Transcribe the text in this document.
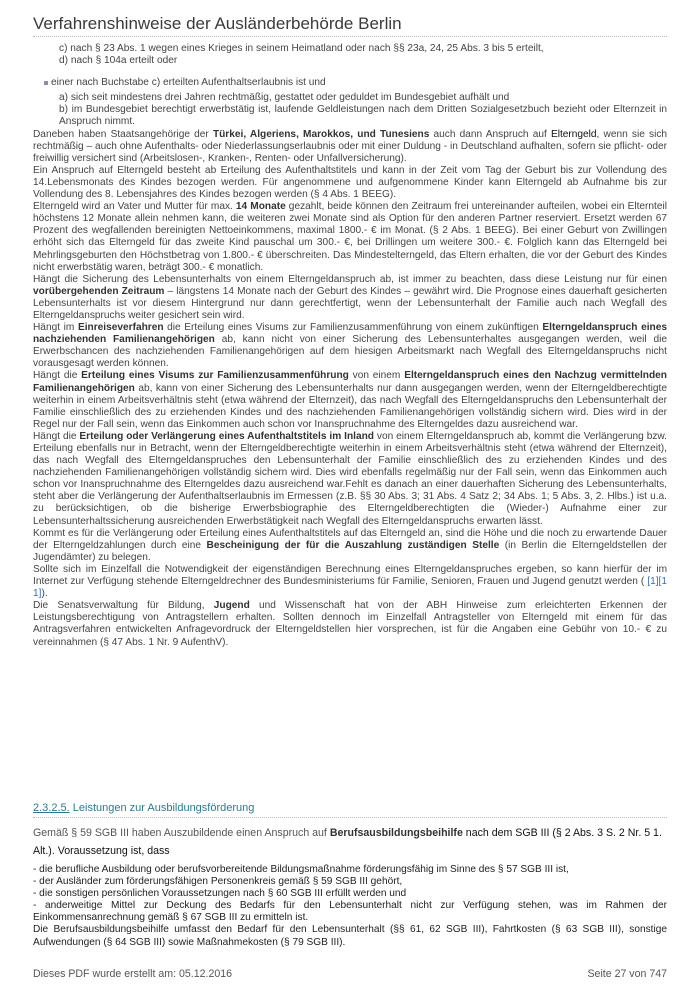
Verfahrenshinweise der Ausländerbehörde Berlin

c) nach § 23 Abs. 1 wegen eines Krieges in seinem Heimatland oder nach §§ 23a, 24, 25 Abs. 3 bis 5 erteilt,

d) nach § 104a erteilt oder

einer nach Buchstabe c) erteilten Aufenthaltserlaubnis ist und

a) sich seit mindestens drei Jahren rechtmäßig, gestattet oder geduldet im Bundesgebiet aufhält und

b) im Bundesgebiet berechtigt erwerbstätig ist, laufende Geldleistungen nach dem Dritten Sozialgesetzbuch bezieht oder Elternzeit in Anspruch nimmt.

Daneben haben Staatsangehörige der Türkei, Algeriens, Marokkos, und Tunesiens auch dann Anspruch auf Elterngeld, wenn sie sich rechtmäßig – auch ohne Aufenthalts- oder Niederlassungserlaubnis oder mit einer Duldung - in Deutschland aufhalten, sofern sie pflicht- oder freiwillig versichert sind (Arbeitslosen-, Kranken-, Renten- oder Unfallversicherung).

Ein Anspruch auf Elterngeld besteht ab Erteilung des Aufenthaltstitels und kann in der Zeit vom Tag der Geburt bis zur Vollendung des 14.Lebensmonats des Kindes bezogen werden. Für angenommene und aufgenommene Kinder kann Elterngeld ab Aufnahme bis zur Vollendung des 8. Lebensjahres des Kindes bezogen werden (§ 4 Abs. 1 BEEG).

Elterngeld wird an Vater und Mutter für max. 14 Monate gezahlt, beide können den Zeitraum frei untereinander aufteilen, wobei ein Elternteil höchstens 12 Monate allein nehmen kann, die weiteren zwei Monate sind als Option für den anderen Partner reserviert. Ersetzt werden 67 Prozent des wegfallenden bereinigten Nettoeinkommens, maximal 1800.- € im Monat. (§ 2 Abs. 1 BEEG). Bei einer Geburt von Zwillingen erhöht sich das Elterngeld für das zweite Kind pauschal um 300.- €, bei Drillingen um weitere 300.- €. Folglich kann das Elterngeld bei Mehrlingsgeburten den Höchstbetrag von 1.800.- € überschreiten. Das Mindestelterngeld, das Eltern erhalten, die vor der Geburt des Kindes nicht erwerbstätig waren, beträgt 300.- € monatlich.

Hängt die Sicherung des Lebensunterhalts von einem Elterngeldanspruch ab, ist immer zu beachten, dass diese Leistung nur für einen vorübergehenden Zeitraum – längstens 14 Monate nach der Geburt des Kindes – gewährt wird. Die Prognose eines dauerhaft gesicherten Lebensunterhalts ist vor diesem Hintergrund nur dann gerechtfertigt, wenn der Lebensunterhalt der Familie auch nach Wegfall des Elterngeldanspruchs weiter gesichert sein wird.

Hängt im Einreiseverfahren die Erteilung eines Visums zur Familienzusammenführung von einem zukünftigen Elterngeldanspruch eines nachziehenden Familienangehörigen ab, kann nicht von einer Sicherung des Lebensunterhaltes ausgegangen werden, weil die Erwerbschancen des nachziehenden Familienangehörigen auf dem hiesigen Arbeitsmarkt nach Wegfall des Elterngeldanspruchs nicht vorausgesagt werden können.

Hängt die Erteilung eines Visums zur Familienzusammenführung von einem Elterngeldanspruch eines den Nachzug vermittelnden Familienangehörigen ab, kann von einer Sicherung des Lebensunterhalts nur dann ausgegangen werden, wenn der Elterngeldberechtigte weiterhin in einem Arbeitsverhältnis steht (etwa während der Elternzeit), das nach Wegfall des Elterngeldanspruchs den Lebensunterhalt der Familie einschließlich des zu erziehenden Kindes und des nachziehenden Familienangehörigen vollständig sichern wird. Dies wird in der Regel nur der Fall sein, wenn das Einkommen auch schon vor Inanspruchnahme des Elterngeldes dazu ausreichend war.

Hängt die Erteilung oder Verlängerung eines Aufenthaltstitels im Inland von einem Elterngeldanspruch ab, kommt die Verlängerung bzw. Erteilung ebenfalls nur in Betracht, wenn der Elterngeldberechtigte weiterhin in einem Arbeitsverhältnis steht (etwa während der Elternzeit), das nach Wegfall des Elterngeldanspruches den Lebensunterhalt der Familie einschließlich des zu erziehenden Kindes und des nachziehenden Familienangehörigen vollständig sichern wird. Dies wird ebenfalls regelmäßig nur der Fall sein, wenn das Einkommen auch schon vor Inanspruchnahme des Elterngeldes dazu ausreichend war.Fehlt es danach an einer dauerhaften Sicherung des Lebensunterhalts, steht aber die Verlängerung der Aufenthaltserlaubnis im Ermessen (z.B. §§ 30 Abs. 3; 31 Abs. 4 Satz 2; 34 Abs. 1; 5 Abs. 3, 2. Hlbs.) ist u.a. zu berücksichtigen, ob die bisherige Erwerbsbiographie des Elterngeldberechtigten die (Wieder-) Aufnahme einer zur Lebensunterhaltssicherung ausreichenden Erwerbstätigkeit nach Wegfall des Elterngeldanspruchs erwarten lässt.

Kommt es für die Verlängerung oder Erteilung eines Aufenthaltstitels auf das Elterngeld an, sind die Höhe und die noch zu erwartende Dauer der Elterngeldzahlungen durch eine Bescheinigung der für die Auszahlung zuständigen Stelle (in Berlin die Elterngeldstellen der Jugendämter) zu belegen.

Sollte sich im Einzelfall die Notwendigkeit der eigenständigen Berechnung eines Elterngeldanspruches ergeben, so kann hierfür der im Internet zur Verfügung stehende Elterngeldrechner des Bundesministeriums für Familie, Senioren, Frauen und Jugend genutzt werden ( [1][1 1]).

Die Senatsverwaltung für Bildung, Jugend und Wissenschaft hat von der ABH Hinweise zum erleichterten Erkennen der Leistungsberechtigung von Antragstellern erhalten. Sollten dennoch im Einzelfall Antragsteller von Elterngeld mit einem für das Antragsverfahren entwickelten Anfragevordruck der Elterngeldstellen hier vorsprechen, ist für die Angaben eine Gebühr von 10.- € zu vereinnahmen (§ 47 Abs. 1 Nr. 9 AufenthV).

2.3.2.5. Leistungen zur Ausbildungsförderung

Gemäß § 59 SGB III haben Auszubildende einen Anspruch auf Berufsausbildungsbeihilfe nach dem SGB III (§ 2 Abs. 3 S. 2 Nr. 5 1. Alt.). Voraussetzung ist, dass

- die berufliche Ausbildung oder berufsvorbereitende Bildungsmaßnahme förderungsfähig im Sinne des § 57 SGB III ist,

- der Ausländer zum förderungsfähigen Personenkreis gemäß § 59 SGB III gehört,

- die sonstigen persönlichen Voraussetzungen nach § 60 SGB III erfüllt werden und

- anderweitige Mittel zur Deckung des Bedarfs für den Lebensunterhalt nicht zur Verfügung stehen, was im Rahmen der Einkommensanrechnung gemäß § 67 SGB III zu ermitteln ist.

Die Berufsausbildungsbeihilfe umfasst den Bedarf für den Lebensunterhalt (§§ 61, 62 SGB III), Fahrtkosten (§ 63 SGB III), sonstige Aufwendungen (§ 64 SGB III) sowie Maßnahmekosten (§ 79 SGB III).

Dieses PDF wurde erstellt am: 05.12.2016	Seite 27 von 747
